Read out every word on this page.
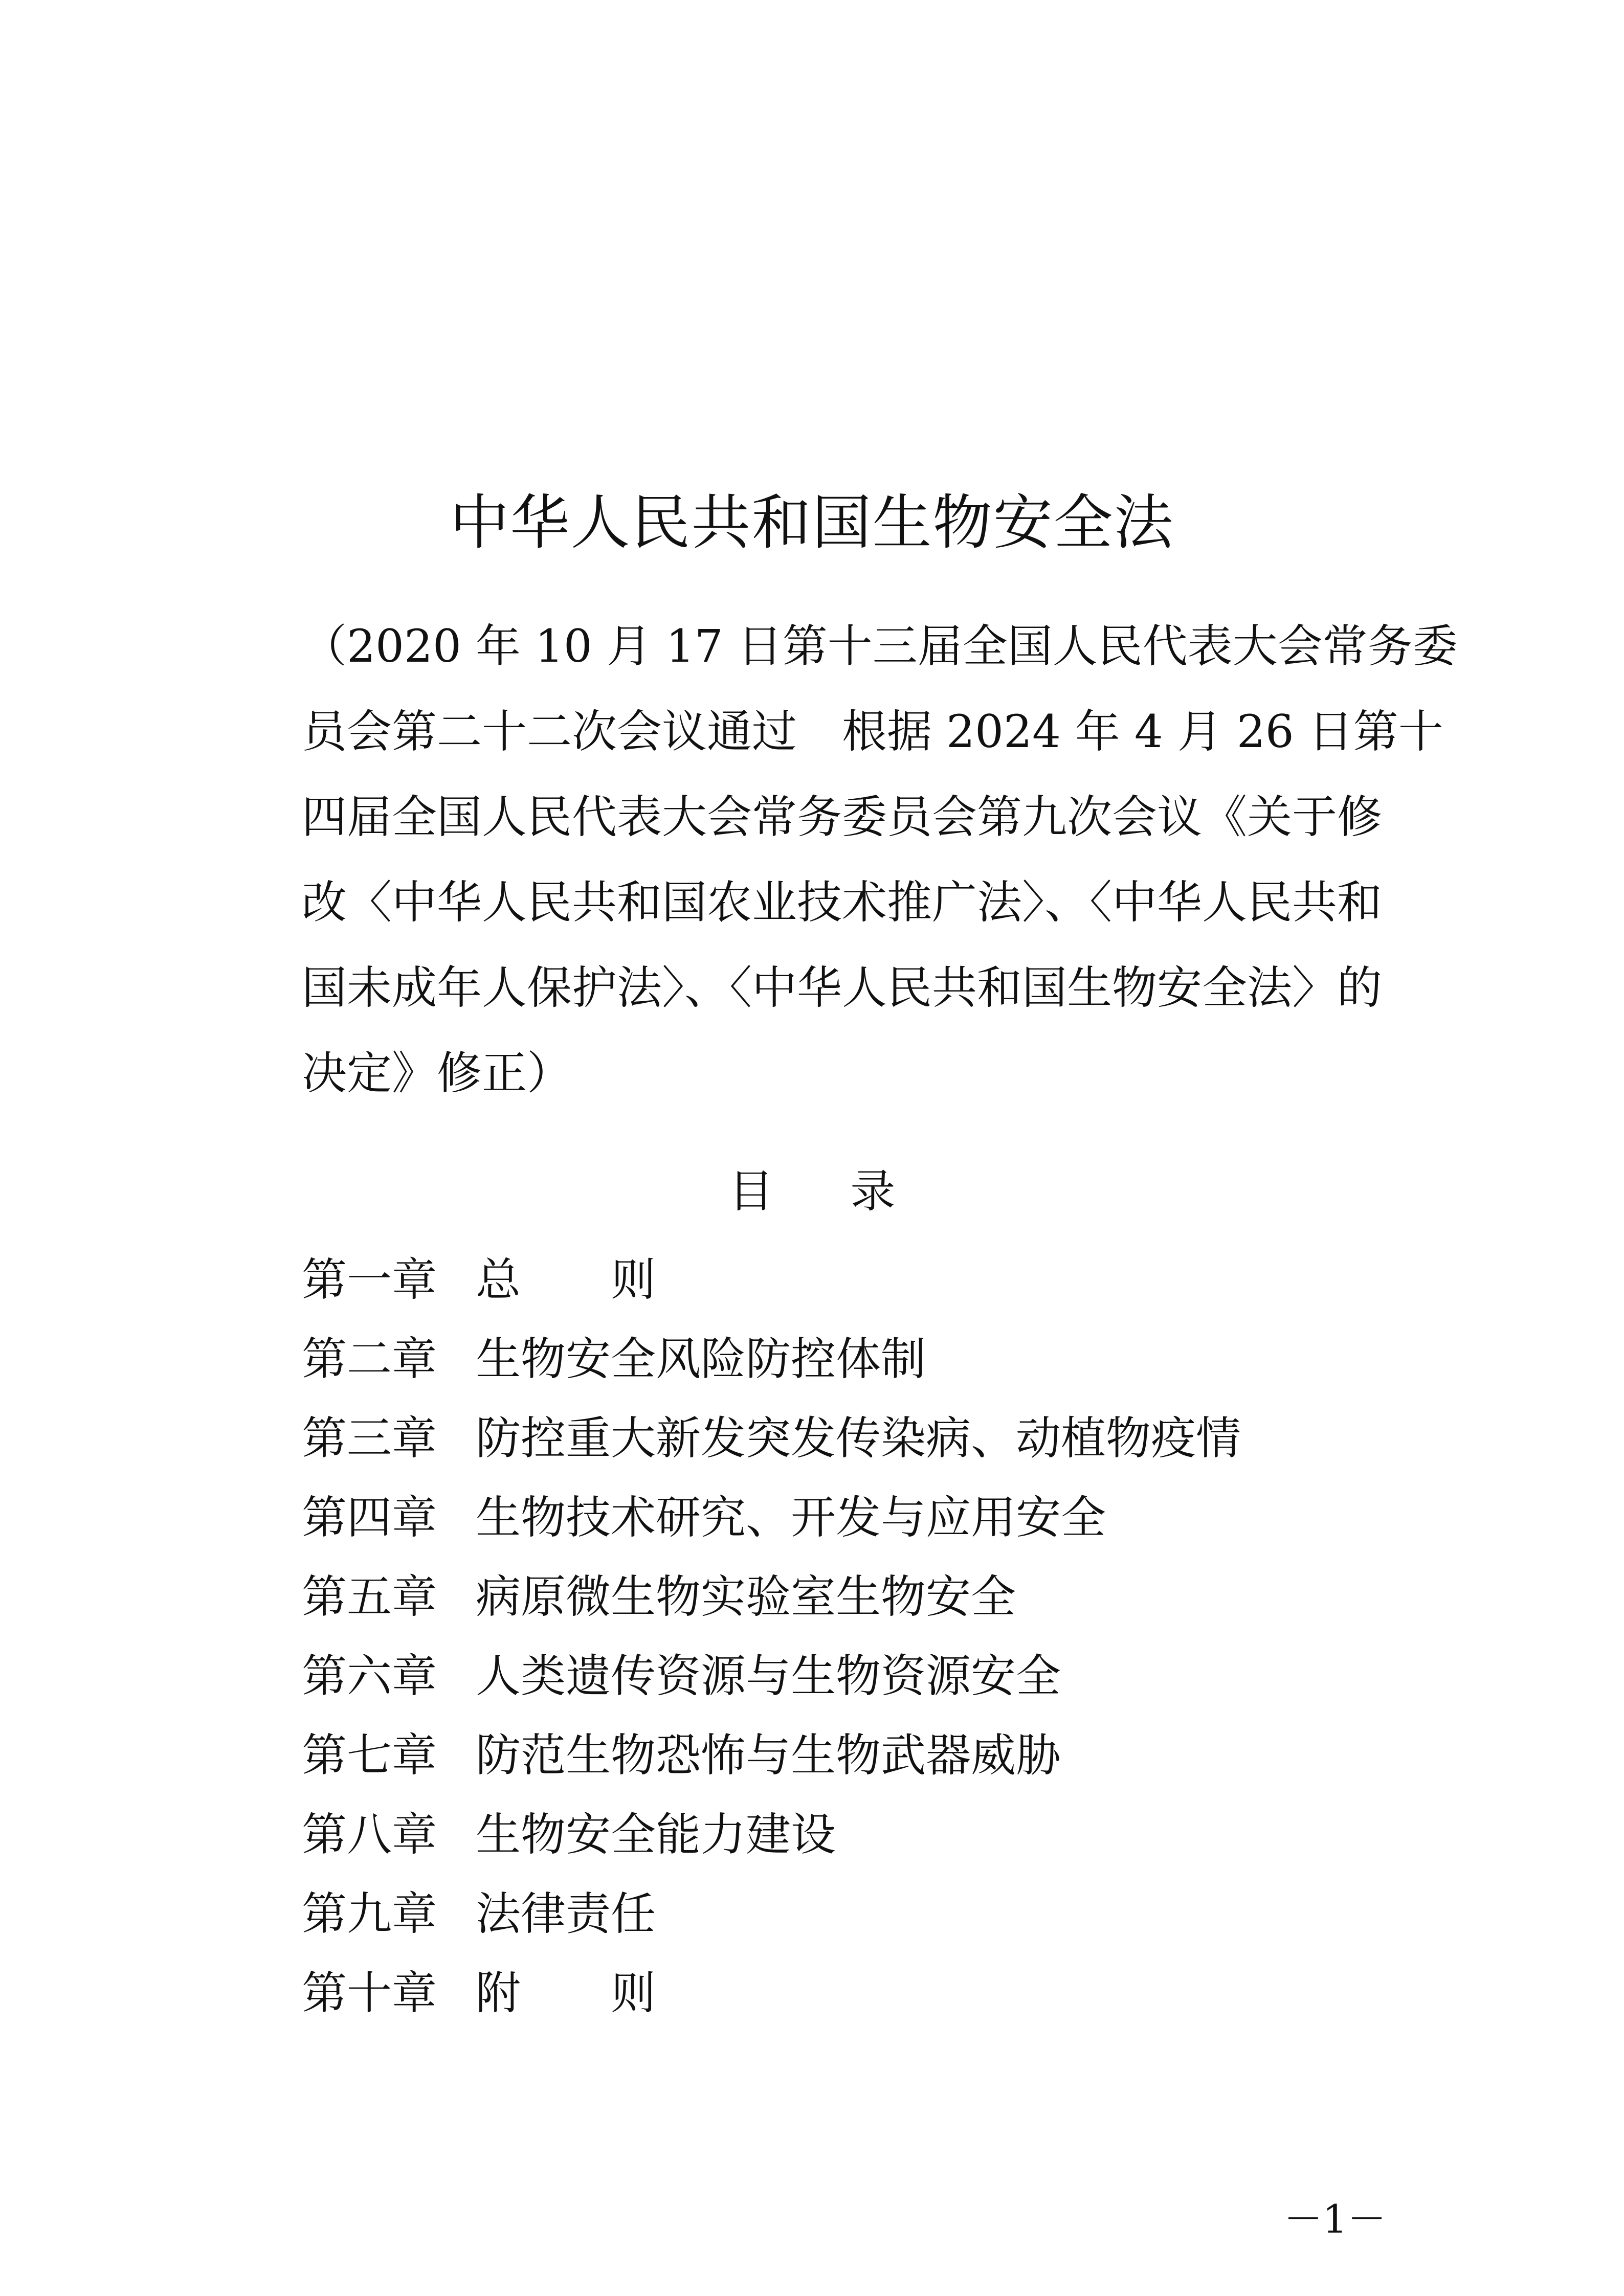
中华人民共和国生物安全法
（2020 年 10 月 17 日第十三届全国人民代表大会常务委
员会第二十二次会议通过　根据 2024 年 4 月 26 日第十
四届全国人民代表大会常务委员会第九次会议《关于修
改〈中华人民共和国农业技术推广法〉、〈中华人民共和
国未成年人保护法〉、〈中华人民共和国生物安全法〉的
决定》修正）
目 录
第一章 总　　则
第二章 生物安全风险防控体制
第三章 防控重大新发突发传染病、动植物疫情
第四章 生物技术研究、开发与应用安全
第五章 病原微生物实验室生物安全
第六章 人类遗传资源与生物资源安全
第七章 防范生物恐怖与生物武器威胁
第八章 生物安全能力建设
第九章 法律责任
第十章 附　　则
－1－
